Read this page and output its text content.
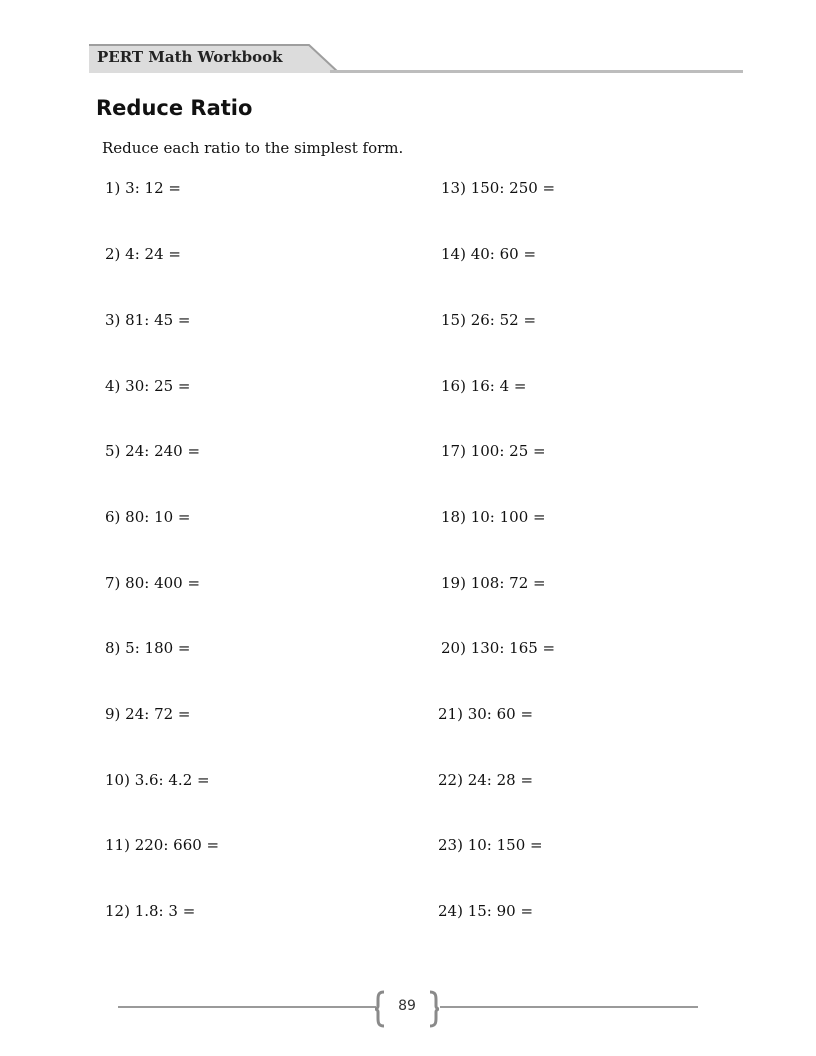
PERT Math Workbook
Reduce Ratio
Reduce each ratio to the simplest form.
1) 3: 12 =
2) 4: 24 =
3) 81: 45 =
4) 30: 25 =
5) 24: 240 =
6) 80: 10 =
7) 80: 400 =
8) 5: 180 =
9) 24: 72 =
10) 3.6: 4.2 =
11) 220: 660 =
12) 1.8: 3 =
13) 150: 250 =
14) 40: 60 =
15) 26: 52 =
16) 16: 4 =
17) 100: 25 =
18) 10: 100 =
19) 108: 72 =
20) 130: 165 =
21) 30: 60 =
22) 24: 28 =
23) 10: 150 =
24) 15: 90 =
89
